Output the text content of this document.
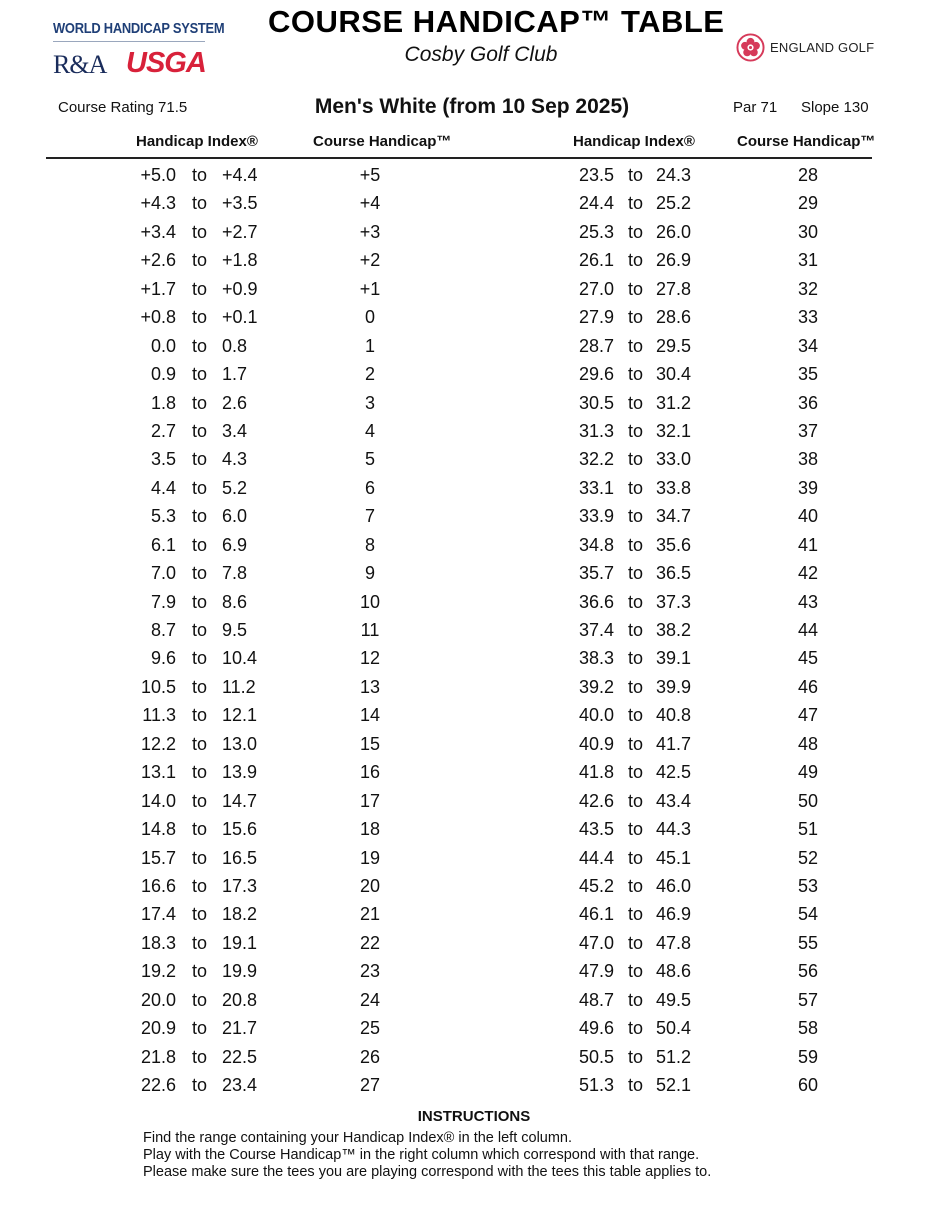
WORLD HANDICAP SYSTEM
R&A USGA
COURSE HANDICAP™ TABLE
Cosby Golf Club	ENGLAND GOLF
Course Rating 71.5	Men's White (from 10 Sep 2025)	Par 71 Slope 130
Handicap Index®	Course Handicap™	Handicap Index®	Course Handicap™
+5.0 to +4.4	+5	23.5 to 24.3	28
+4.3 to +3.5	+4	24.4 to 25.2	29
+3.4 to +2.7	+3	25.3 to 26.0	30
+2.6 to +1.8	+2	26.1 to 26.9	31
+1.7 to +0.9	+1	27.0 to 27.8	32
+0.8 to +0.1	0	27.9 to 28.6	33
0.0 to 0.8	1	28.7 to 29.5	34
0.9 to 1.7	2	29.6 to 30.4	35
1.8 to 2.6	3	30.5 to 31.2	36
2.7 to 3.4	4	31.3 to 32.1	37
3.5 to 4.3	5	32.2 to 33.0	38
4.4 to 5.2	6	33.1 to 33.8	39
5.3 to 6.0	7	33.9 to 34.7	40
6.1 to 6.9	8	34.8 to 35.6	41
7.0 to 7.8	9	35.7 to 36.5	42
7.9 to 8.6	10	36.6 to 37.3	43
8.7 to 9.5	11	37.4 to 38.2	44
9.6 to 10.4	12	38.3 to 39.1	45
10.5 to 11.2	13	39.2 to 39.9	46
11.3 to 12.1	14	40.0 to 40.8	47
12.2 to 13.0	15	40.9 to 41.7	48
13.1 to 13.9	16	41.8 to 42.5	49
14.0 to 14.7	17	42.6 to 43.4	50
14.8 to 15.6	18	43.5 to 44.3	51
15.7 to 16.5	19	44.4 to 45.1	52
16.6 to 17.3	20	45.2 to 46.0	53
17.4 to 18.2	21	46.1 to 46.9	54
18.3 to 19.1	22	47.0 to 47.8	55
19.2 to 19.9	23	47.9 to 48.6	56
20.0 to 20.8	24	48.7 to 49.5	57
20.9 to 21.7	25	49.6 to 50.4	58
21.8 to 22.5	26	50.5 to 51.2	59
22.6 to 23.4	27	51.3 to 52.1	60
INSTRUCTIONS
Find the range containing your Handicap Index® in the left column.
Play with the Course Handicap™ in the right column which correspond with that range.
Please make sure the tees you are playing correspond with the tees this table applies to.
